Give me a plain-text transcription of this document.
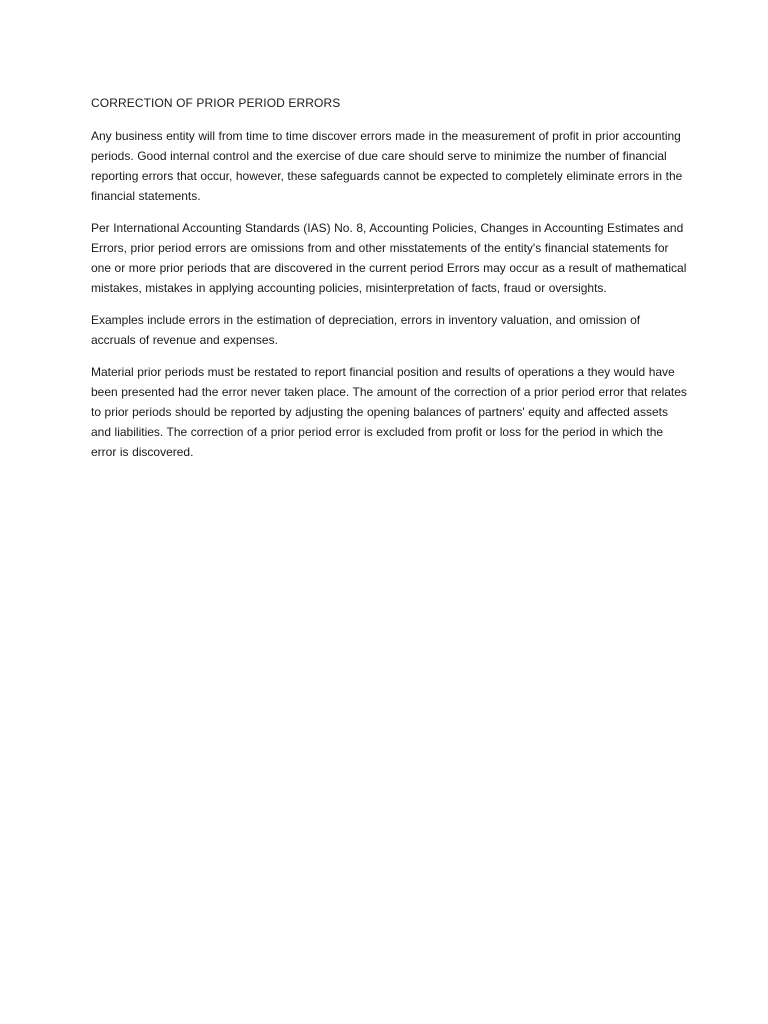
CORRECTION OF PRIOR PERIOD ERRORS

Any business entity will from time to time discover errors made in the measurement of profit in prior accounting periods. Good internal control and the exercise of due care should serve to minimize the number of financial reporting errors that occur, however, these safeguards cannot be expected to completely eliminate errors in the financial statements.

Per International Accounting Standards (IAS) No. 8, Accounting Policies, Changes in Accounting Estimates and Errors, prior period errors are omissions from and other misstatements of the entity's financial statements for one or more prior periods that are discovered in the current period Errors may occur as a result of mathematical mistakes, mistakes in applying accounting policies, misinterpretation of facts, fraud or oversights.

Examples include errors in the estimation of depreciation, errors in inventory valuation, and omission of accruals of revenue and expenses.

Material prior periods must be restated to report financial position and results of operations a they would have been presented had the error never taken place. The amount of the correction of a prior period error that relates to prior periods should be reported by adjusting the opening balances of partners' equity and affected assets and liabilities. The correction of a prior period error is excluded from profit or loss for the period in which the error is discovered.
